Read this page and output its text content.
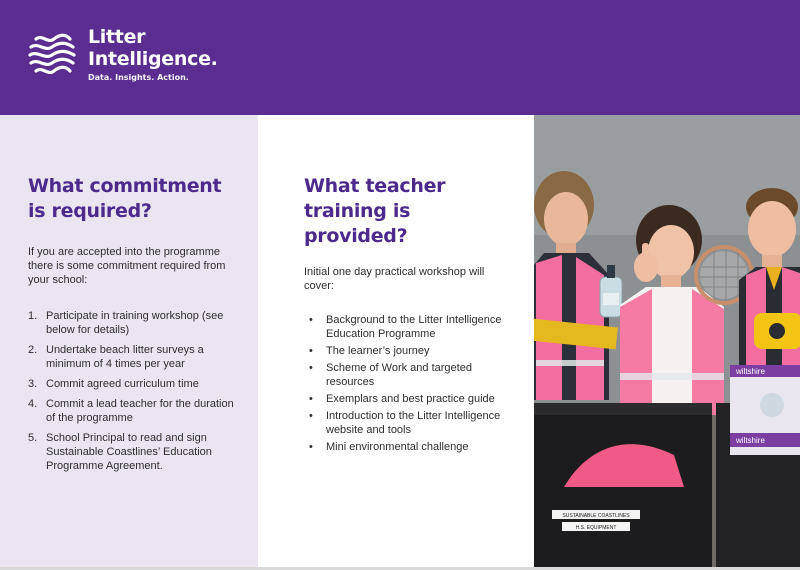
Litter
Intelligence.
Data. Insights. Action.
What commitment is required?
If you are accepted into the programme there is some commitment required from your school:
1. Participate in training workshop (see below for details)
2. Undertake beach litter surveys a minimum of 4 times per year
3. Commit agreed curriculum time
4. Commit a lead teacher for the duration of the programme
5. School Principal to read and sign Sustainable Coastlines’ Education Programme Agreement.
What teacher training is provided?
Initial one day practical workshop will cover:
• Background to the Litter Intelligence Education Programme
• The learner’s journey
• Scheme of Work and targeted resources
• Exemplars and best practice guide
• Introduction to the Litter Intelligence website and tools
• Mini environmental challenge
SUSTAINABLE COASTLINES
H.S. EQUIPMENT
wiltshire
wiltshire
